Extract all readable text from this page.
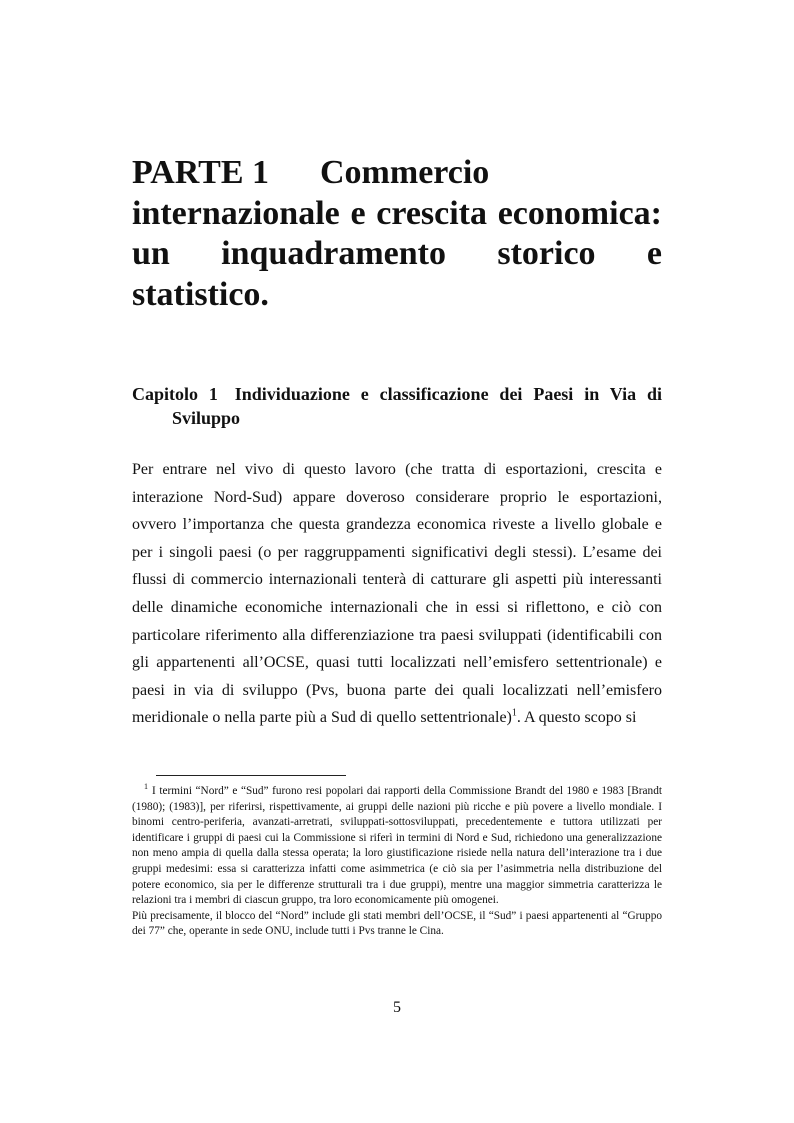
PARTE 1 Commercio internazionale e crescita economica: un inquadramento storico e statistico.
Capitolo 1 Individuazione e classificazione dei Paesi in Via di Sviluppo

Per entrare nel vivo di questo lavoro (che tratta di esportazioni, crescita e interazione Nord-Sud) appare doveroso considerare proprio le esportazioni, ovvero l’importanza che questa grandezza economica riveste a livello globale e per i singoli paesi (o per raggruppamenti significativi degli stessi). L’esame dei flussi di commercio internazionali tenterà di catturare gli aspetti più interessanti delle dinamiche economiche internazionali che in essi si riflettono, e ciò con particolare riferimento alla differenziazione tra paesi sviluppati (identificabili con gli appartenenti all’OCSE, quasi tutti localizzati nell’emisfero settentrionale) e paesi in via di sviluppo (Pvs, buona parte dei quali localizzati nell’emisfero meridionale o nella parte più a Sud di quello settentrionale)$^1$. A questo scopo si

$^1$ I termini “Nord” e “Sud” furono resi popolari dai rapporti della Commissione Brandt del 1980 e 1983 [Brandt (1980); (1983)], per riferirsi, rispettivamente, ai gruppi delle nazioni più ricche e più povere a livello mondiale. I binomi centro-periferia, avanzati-arretrati, sviluppati-sottosviluppati, precedentemente e tuttora utilizzati per identificare i gruppi di paesi cui la Commissione si riferì in termini di Nord e Sud, richiedono una generalizzazione non meno ampia di quella dalla stessa operata; la loro giustificazione risiede nella natura dell’interazione tra i due gruppi medesimi: essa si caratterizza infatti come asimmetrica (e ciò sia per l’asimmetria nella distribuzione del potere economico, sia per le differenze strutturali tra i due gruppi), mentre una maggior simmetria caratterizza le relazioni tra i membri di ciascun gruppo, tra loro economicamente più omogenei.

Più precisamente, il blocco del “Nord” include gli stati membri dell’OCSE, il “Sud” i paesi appartenenti al “Gruppo dei 77” che, operante in sede ONU, include tutti i Pvs tranne le Cina.

5
